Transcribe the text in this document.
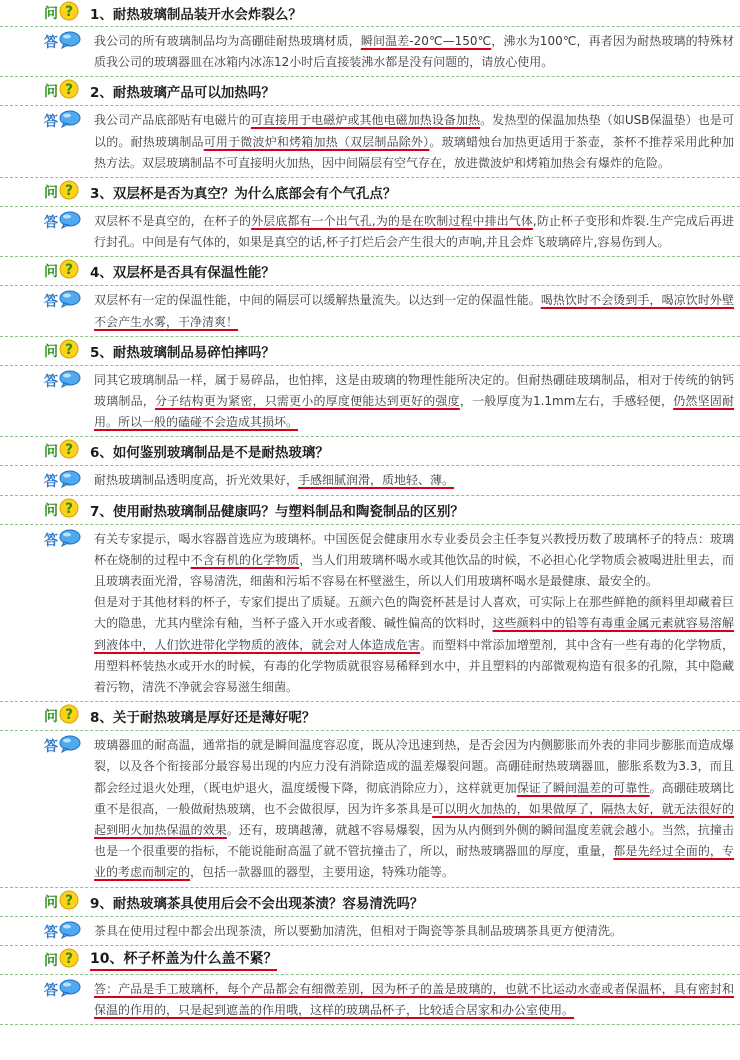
问 ? 1、耐热玻璃制品装开水会炸裂么？
答	我公司的所有玻璃制品均为高硼硅耐热玻璃材质，瞬间温差-20℃—150℃，沸水为100℃，再者因为耐热玻璃的特殊材质我公司的玻璃器皿在冰箱内冰冻12小时后直接装沸水都是没有问题的，请放心使用。

问 ? 2、耐热玻璃产品可以加热吗？
答	我公司产品底部贴有电磁片的可直接用于电磁炉或其他电磁加热设备加热。发热型的保温加热垫（如USB保温垫）也是可以的。耐热玻璃制品可用于微波炉和烤箱加热（双层制品除外）。玻璃蜡烛台加热更适用于茶壶，茶杯不推荐采用此种加热方法。双层玻璃制品不可直接明火加热，因中间隔层有空气存在，放进微波炉和烤箱加热会有爆炸的危险。

问 ? 3、双层杯是否为真空？为什么底部会有个气孔点？
答	双层杯不是真空的，在杯子的外层底都有一个出气孔,为的是在吹制过程中排出气体,防止杯子变形和炸裂.生产完成后再进行封孔。中间是有气体的，如果是真空的话,杯子打烂后会产生很大的声响,并且会炸飞玻璃碎片,容易伤到人。

问 ? 4、双层杯是否具有保温性能？
答	双层杯有一定的保温性能，中间的隔层可以缓解热量流失。以达到一定的保温性能。喝热饮时不会烫到手，喝凉饮时外壁不会产生水雾，干净清爽！

问 ? 5、耐热玻璃制品易碎怕摔吗？
答	同其它玻璃制品一样，属于易碎品，也怕摔，这是由玻璃的物理性能所决定的。但耐热硼硅玻璃制品，相对于传统的钠钙玻璃制品，分子结构更为紧密，只需更小的厚度便能达到更好的强度，一般厚度为1.1mm左右，手感轻便，仍然坚固耐用。所以一般的磕碰不会造成其损坏。

问 ? 6、如何鉴别玻璃制品是不是耐热玻璃？
答	耐热玻璃制品透明度高，折光效果好，手感细腻润滑，质地轻、薄。

问 ? 7、使用耐热玻璃制品健康吗？与塑料制品和陶瓷制品的区别？
答	有关专家提示，喝水容器首选应为玻璃杯。中国医促会健康用水专业委员会主任李复兴教授历数了玻璃杯子的特点：玻璃杯在烧制的过程中不含有机的化学物质，当人们用玻璃杯喝水或其他饮品的时候，不必担心化学物质会被喝进肚里去，而且玻璃表面光滑，容易清洗，细菌和污垢不容易在杯壁滋生，所以人们用玻璃杯喝水是最健康、最安全的。

但是对于其他材料的杯子，专家们提出了质疑。五颜六色的陶瓷杯甚是讨人喜欢，可实际上在那些鲜艳的颜料里却藏着巨大的隐患，尤其内壁涂有釉，当杯子盛入开水或者酸、碱性偏高的饮料时，这些颜料中的铅等有毒重金属元素就容易溶解到液体中，人们饮进带化学物质的液体，就会对人体造成危害。而塑料中常添加增塑剂，其中含有一些有毒的化学物质，用塑料杯装热水或开水的时候，有毒的化学物质就很容易稀释到水中，并且塑料的内部微观构造有很多的孔隙，其中隐藏着污物，清洗不净就会容易滋生细菌。

问 ? 8、关于耐热玻璃是厚好还是薄好呢？
答	玻璃器皿的耐高温，通常指的就是瞬间温度容忍度，既从冷迅速到热，是否会因为内侧膨胀而外表的非同步膨胀而造成爆裂，以及各个衔接部分最容易出现的内应力没有消除造成的温差爆裂问题。高硼硅耐热玻璃器皿，膨胀系数为3.3，而且都会经过退火处理，（既电炉退火，温度缓慢下降，彻底消除应力），这样就更加保证了瞬间温差的可靠性。高硼硅玻璃比重不是很高，一般做耐热玻璃，也不会做很厚，因为许多茶具是可以明火加热的，如果做厚了，隔热太好，就无法很好的起到明火加热保温的效果。还有，玻璃越薄，就越不容易爆裂，因为从内侧到外侧的瞬间温度差就会越小。当然，抗撞击也是一个很重要的指标，不能说能耐高温了就不管抗撞击了，所以，耐热玻璃器皿的厚度，重量，都是先经过全面的，专业的考虑而制定的，包括一款器皿的器型，主要用途，特殊功能等。

问 ? 9、耐热玻璃茶具使用后会不会出现茶渍？容易清洗吗？
答	茶具在使用过程中都会出现茶渍，所以要勤加清洗，但相对于陶瓷等茶具制品玻璃茶具更方便清洗。

问 ? 10、杯子杯盖为什么盖不紧？
答	答：产品是手工玻璃杯，每个产品都会有细微差别，因为杯子的盖是玻璃的，也就不比运动水壶或者保温杯，具有密封和保温的作用的，只是起到遮盖的作用哦，这样的玻璃品杯子，比较适合居家和办公室使用。
